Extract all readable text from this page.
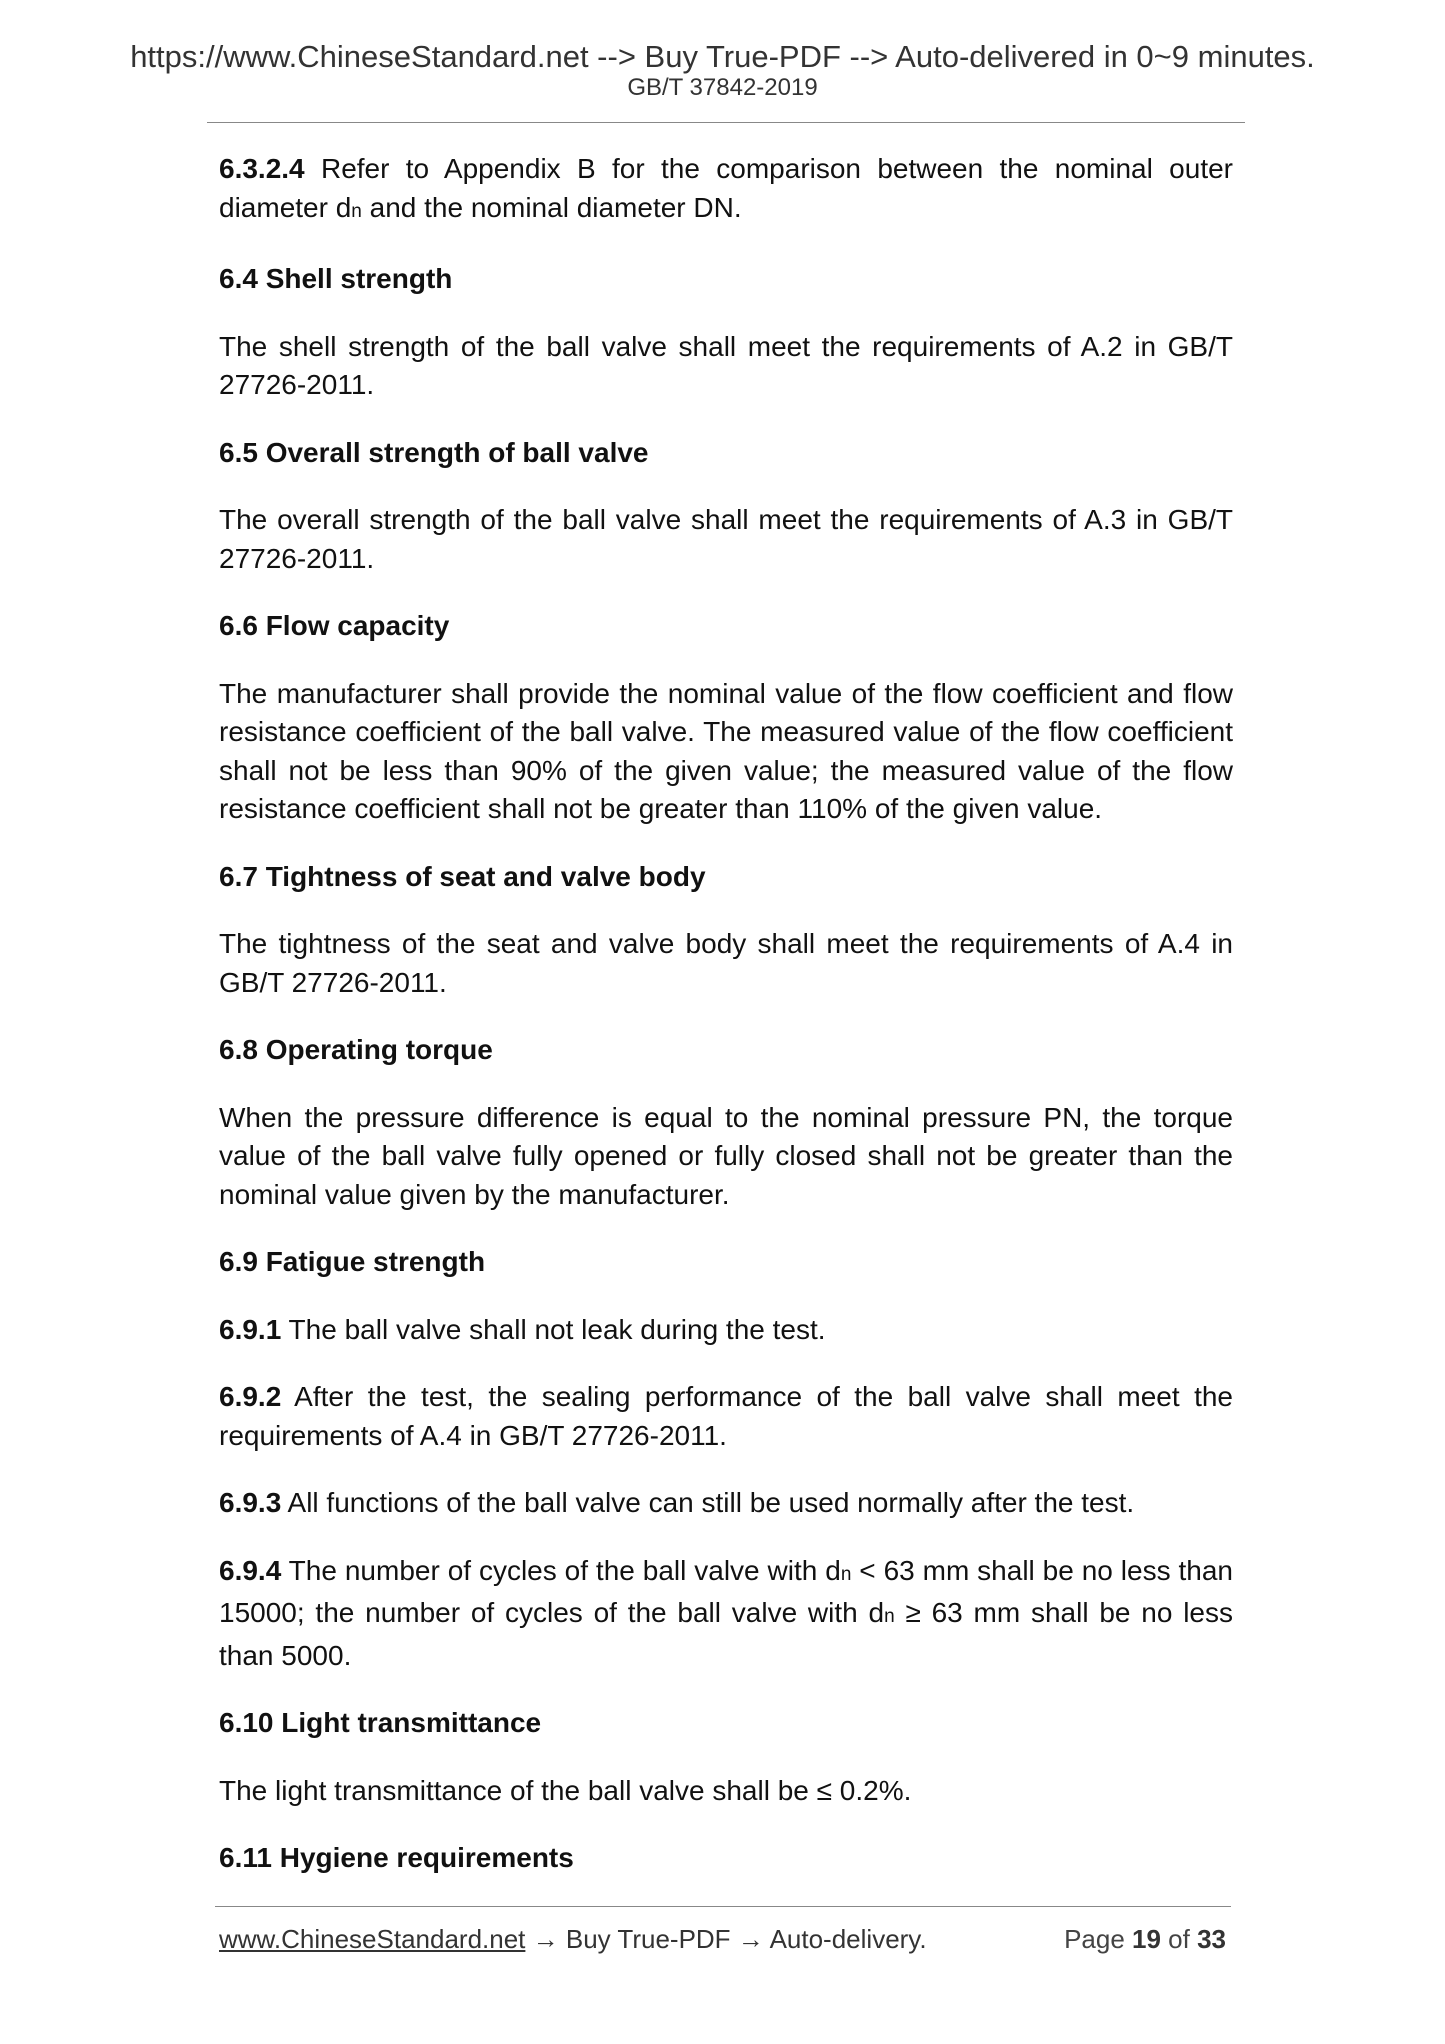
https://www.ChineseStandard.net --> Buy True-PDF --> Auto-delivered in 0~9 minutes.
GB/T 37842-2019

6.3.2.4 Refer to Appendix B for the comparison between the nominal outer diameter dn and the nominal diameter DN.

6.4 Shell strength

The shell strength of the ball valve shall meet the requirements of A.2 in GB/T 27726-2011.

6.5 Overall strength of ball valve

The overall strength of the ball valve shall meet the requirements of A.3 in GB/T 27726-2011.

6.6 Flow capacity

The manufacturer shall provide the nominal value of the flow coefficient and flow resistance coefficient of the ball valve. The measured value of the flow coefficient shall not be less than 90% of the given value; the measured value of the flow resistance coefficient shall not be greater than 110% of the given value.

6.7 Tightness of seat and valve body

The tightness of the seat and valve body shall meet the requirements of A.4 in GB/T 27726-2011.

6.8 Operating torque

When the pressure difference is equal to the nominal pressure PN, the torque value of the ball valve fully opened or fully closed shall not be greater than the nominal value given by the manufacturer.

6.9 Fatigue strength

6.9.1 The ball valve shall not leak during the test.

6.9.2 After the test, the sealing performance of the ball valve shall meet the requirements of A.4 in GB/T 27726-2011.

6.9.3 All functions of the ball valve can still be used normally after the test.

6.9.4 The number of cycles of the ball valve with dn < 63 mm shall be no less than 15000; the number of cycles of the ball valve with dn ≥ 63 mm shall be no less than 5000.

6.10 Light transmittance

The light transmittance of the ball valve shall be ≤ 0.2%.

6.11 Hygiene requirements
www.ChineseStandard.net → Buy True-PDF → Auto-delivery.	Page 19 of 33
